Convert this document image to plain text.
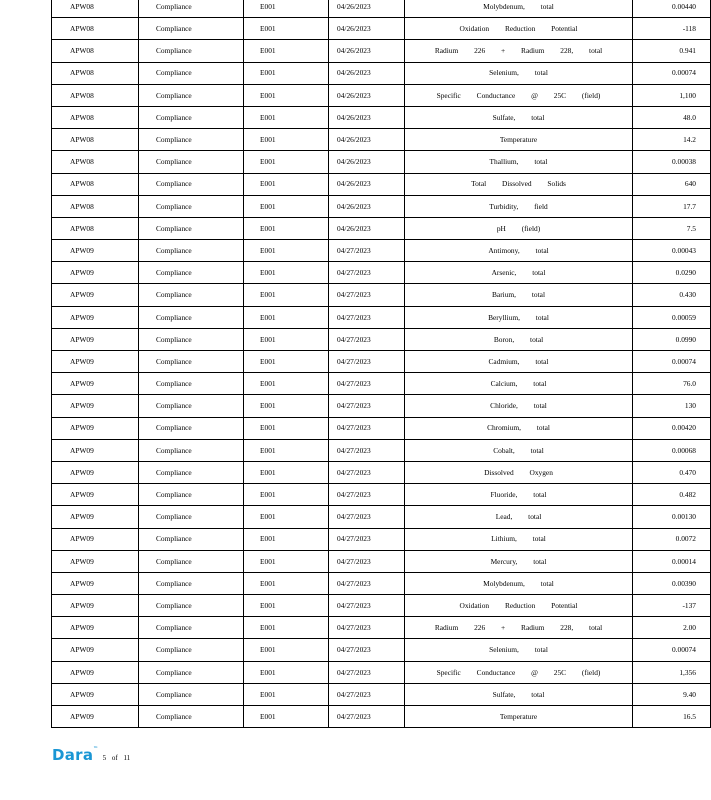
APW08	Compliance	E001	04/26/2023	Molybdenum, total	0.00440
APW08	Compliance	E001	04/26/2023	Oxidation Reduction Potential	-118
APW08	Compliance	E001	04/26/2023	Radium 226 + Radium 228, total	0.941
APW08	Compliance	E001	04/26/2023	Selenium, total	0.00074
APW08	Compliance	E001	04/26/2023	Specific Conductance @ 25C (field)	1,100
APW08	Compliance	E001	04/26/2023	Sulfate, total	48.0
APW08	Compliance	E001	04/26/2023	Temperature	14.2
APW08	Compliance	E001	04/26/2023	Thallium, total	0.00038
APW08	Compliance	E001	04/26/2023	Total Dissolved Solids	640
APW08	Compliance	E001	04/26/2023	Turbidity, field	17.7
APW08	Compliance	E001	04/26/2023	pH (field)	7.5
APW09	Compliance	E001	04/27/2023	Antimony, total	0.00043
APW09	Compliance	E001	04/27/2023	Arsenic, total	0.0290
APW09	Compliance	E001	04/27/2023	Barium, total	0.430
APW09	Compliance	E001	04/27/2023	Beryllium, total	0.00059
APW09	Compliance	E001	04/27/2023	Boron, total	0.0990
APW09	Compliance	E001	04/27/2023	Cadmium, total	0.00074
APW09	Compliance	E001	04/27/2023	Calcium, total	76.0
APW09	Compliance	E001	04/27/2023	Chloride, total	130
APW09	Compliance	E001	04/27/2023	Chromium, total	0.00420
APW09	Compliance	E001	04/27/2023	Cobalt, total	0.00068
APW09	Compliance	E001	04/27/2023	Dissolved Oxygen	0.470
APW09	Compliance	E001	04/27/2023	Fluoride, total	0.482
APW09	Compliance	E001	04/27/2023	Lead, total	0.00130
APW09	Compliance	E001	04/27/2023	Lithium, total	0.0072
APW09	Compliance	E001	04/27/2023	Mercury, total	0.00014
APW09	Compliance	E001	04/27/2023	Molybdenum, total	0.00390
APW09	Compliance	E001	04/27/2023	Oxidation Reduction Potential	-137
APW09	Compliance	E001	04/27/2023	Radium 226 + Radium 228, total	2.00
APW09	Compliance	E001	04/27/2023	Selenium, total	0.00074
APW09	Compliance	E001	04/27/2023	Specific Conductance @ 25C (field)	1,356
APW09	Compliance	E001	04/27/2023	Sulfate, total	9.40
APW09	Compliance	E001	04/27/2023	Temperature	16.5
Dara™
5 of 11
